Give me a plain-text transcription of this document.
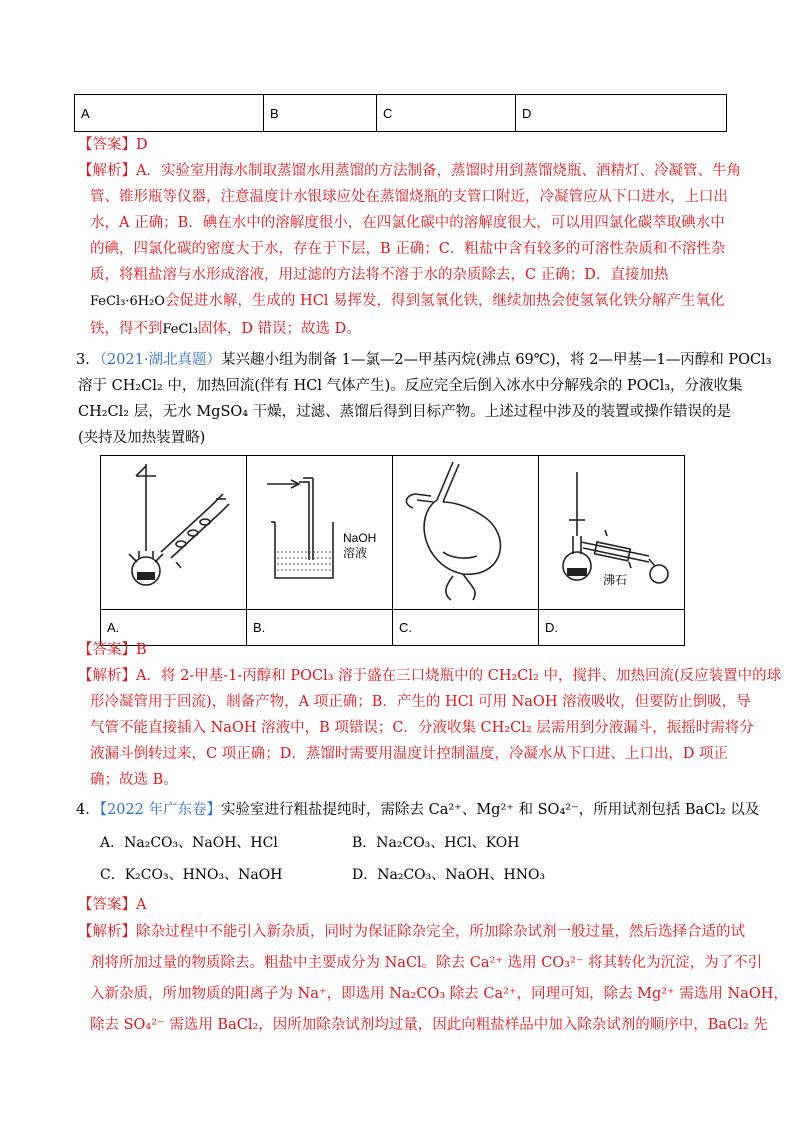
A	B	C	D
【答案】D
【解析】A．实验室用海水制取蒸馏水用蒸馏的方法制备，蒸馏时用到蒸馏烧瓶、酒精灯、冷凝管、牛角
管、锥形瓶等仪器，注意温度计水银球应处在蒸馏烧瓶的支管口附近，冷凝管应从下口进水，上口出
水，A 正确；B．碘在水中的溶解度很小，在四氯化碳中的溶解度很大，可以用四氯化碳萃取碘水中
的碘，四氯化碳的密度大于水，存在于下层，B 正确；C．粗盐中含有较多的可溶性杂质和不溶性杂
质，将粗盐溶与水形成溶液，用过滤的方法将不溶于水的杂质除去，C 正确；D．直接加热
FeCl₃·6H₂O会促进水解，生成的 HCl 易挥发，得到氢氧化铁，继续加热会使氢氧化铁分解产生氧化
铁，得不到FeCl₃固体，D 错误；故选 D。
3．（2021·湖北真题）某兴趣小组为制备 1—氯—2—甲基丙烷(沸点 69℃)，将 2—甲基—1—丙醇和 POCl₃
溶于 CH₂Cl₂ 中，加热回流(伴有 HCl 气体产生)。反应完全后倒入冰水中分解残余的 POCl₃，分液收集
CH₂Cl₂ 层，无水 MgSO₄ 干燥，过滤、蒸馏后得到目标产物。上述过程中涉及的装置或操作错误的是
(夹持及加热装置略)

NaOH
溶液		沸石

A.	B.	C.	D.
【答案】B
【解析】A．将 2-甲基-1-丙醇和 POCl₃ 溶于盛在三口烧瓶中的 CH₂Cl₂ 中，搅拌、加热回流(反应装置中的球
形冷凝管用于回流)，制备产物，A 项正确；B．产生的 HCl 可用 NaOH 溶液吸收，但要防止倒吸，导
气管不能直接插入 NaOH 溶液中，B 项错误；C．分液收集 CH₂Cl₂ 层需用到分液漏斗，振摇时需将分
液漏斗倒转过来，C 项正确；D．蒸馏时需要用温度计控制温度，冷凝水从下口进、上口出，D 项正
确；故选 B。
4．【2022 年广东卷】实验室进行粗盐提纯时，需除去 Ca²⁺、Mg²⁺ 和 SO₄²⁻，所用试剂包括 BaCl₂ 以及
A．Na₂CO₃、NaOH、HCl	B．Na₂CO₃、HCl、KOH
C．K₂CO₃、HNO₃、NaOH	D．Na₂CO₃、NaOH、HNO₃
【答案】A
【解析】除杂过程中不能引入新杂质，同时为保证除杂完全，所加除杂试剂一般过量，然后选择合适的试
剂将所加过量的物质除去。粗盐中主要成分为 NaCl。除去 Ca²⁺ 选用 CO₃²⁻ 将其转化为沉淀，为了不引
入新杂质，所加物质的阳离子为 Na⁺，即选用 Na₂CO₃ 除去 Ca²⁺，同理可知，除去 Mg²⁺ 需选用 NaOH，
除去 SO₄²⁻ 需选用 BaCl₂，因所加除杂试剂均过量，因此向粗盐样品中加入除杂试剂的顺序中，BaCl₂ 先
